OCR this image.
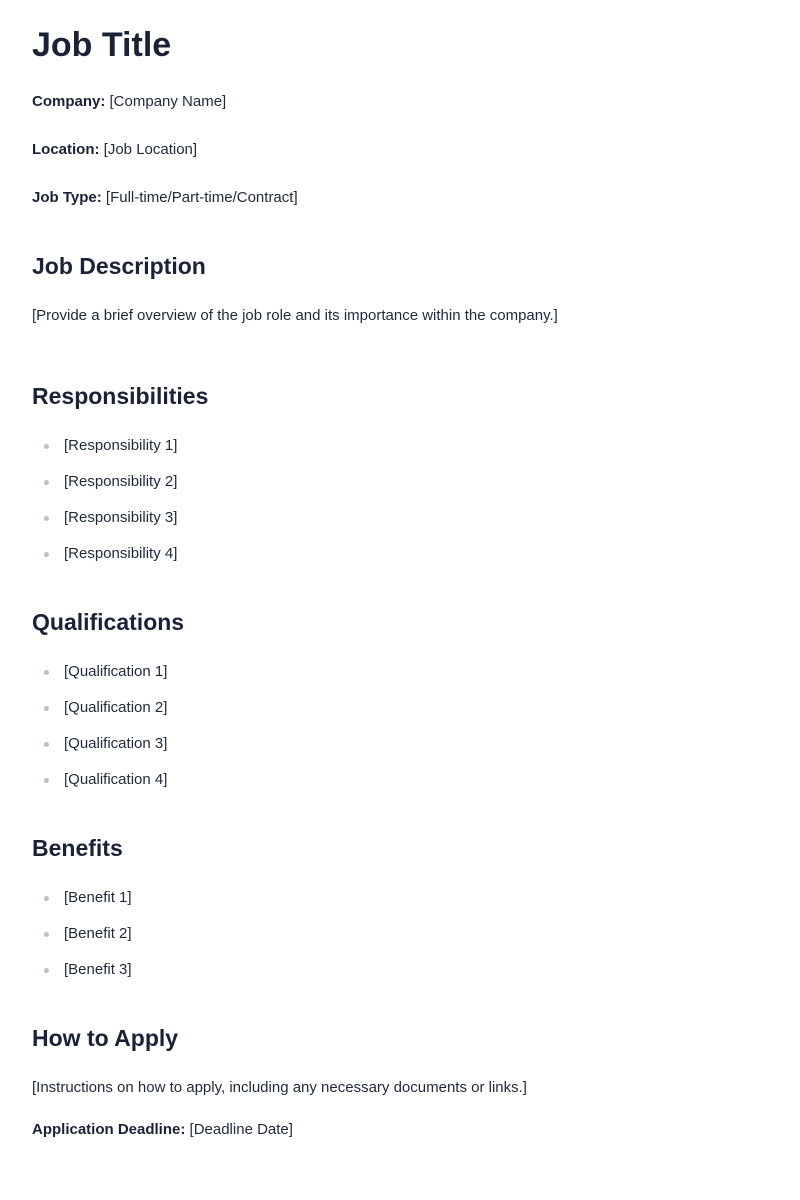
Job Title

Company: [Company Name]

Location: [Job Location]

Job Type: [Full-time/Part-time/Contract]

Job Description

[Provide a brief overview of the job role and its importance within the company.]

Responsibilities
[Responsibility 1]
[Responsibility 2]
[Responsibility 3]
[Responsibility 4]
Qualifications
[Qualification 1]
[Qualification 2]
[Qualification 3]
[Qualification 4]
Benefits
[Benefit 1]
[Benefit 2]
[Benefit 3]
How to Apply

[Instructions on how to apply, including any necessary documents or links.]

Application Deadline: [Deadline Date]
